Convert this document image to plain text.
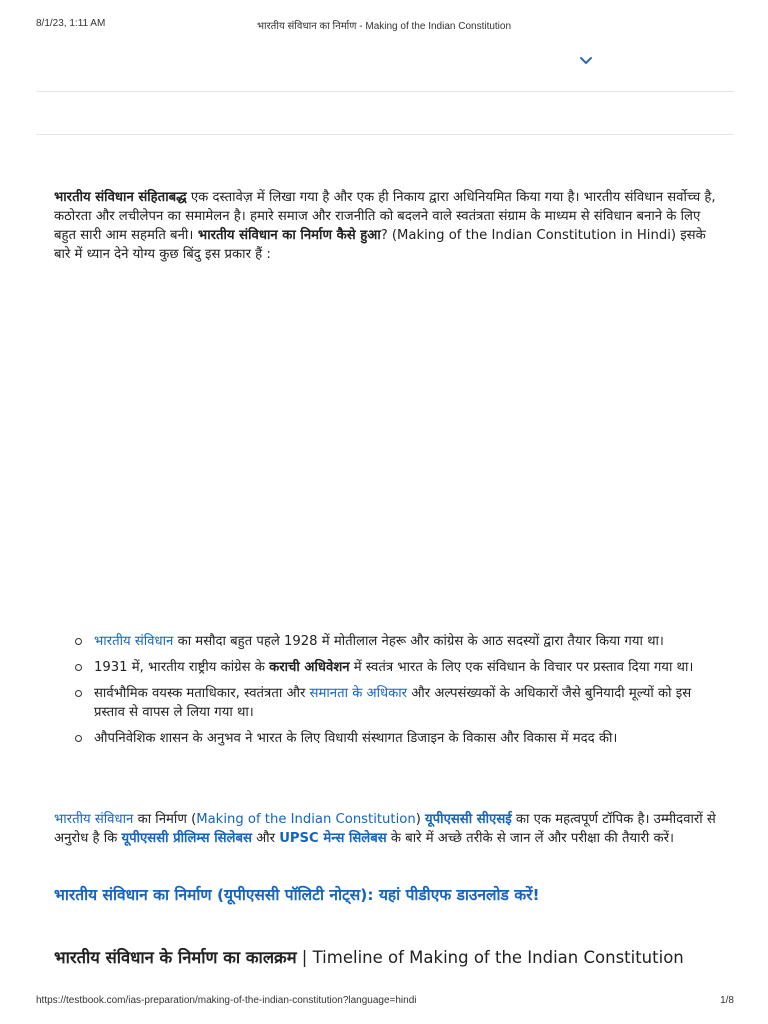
8/1/23, 1:11 AM	भारतीय संविधान का निर्माण - Making of the Indian Constitution
भारतीय संविधान संहिताबद्ध एक दस्तावेज़ में लिखा गया है और एक ही निकाय द्वारा अधिनियमित किया गया है। भारतीय संविधान सर्वोच्च है, कठोरता और लचीलेपन का समामेलन है। हमारे समाज और राजनीति को बदलने वाले स्वतंत्रता संग्राम के माध्यम से संविधान बनाने के लिए बहुत सारी आम सहमति बनी। भारतीय संविधान का निर्माण कैसे हुआ? (Making of the Indian Constitution in Hindi) इसके बारे में ध्यान देने योग्य कुछ बिंदु इस प्रकार हैं :
भारतीय संविधान का मसौदा बहुत पहले 1928 में मोतीलाल नेहरू और कांग्रेस के आठ सदस्यों द्वारा तैयार किया गया था।
1931 में, भारतीय राष्ट्रीय कांग्रेस के कराची अधिवेशन में स्वतंत्र भारत के लिए एक संविधान के विचार पर प्रस्ताव दिया गया था।
सार्वभौमिक वयस्क मताधिकार, स्वतंत्रता और समानता के अधिकार और अल्पसंख्यकों के अधिकारों जैसे बुनियादी मूल्यों को इस प्रस्ताव से वापस ले लिया गया था।
औपनिवेशिक शासन के अनुभव ने भारत के लिए विधायी संस्थागत डिजाइन के विकास और विकास में मदद की।
भारतीय संविधान का निर्माण (Making of the Indian Constitution) यूपीएससी सीएसई का एक महत्वपूर्ण टॉपिक है। उम्मीदवारों से अनुरोध है कि यूपीएससी प्रीलिम्स सिलेबस और UPSC मेन्स सिलेबस के बारे में अच्छे तरीके से जान लें और परीक्षा की तैयारी करें।
भारतीय संविधान का निर्माण (यूपीएससी पॉलिटी नोट्स): यहां पीडीएफ डाउनलोड करें!
भारतीय संविधान के निर्माण का कालक्रम | Timeline of Making of the Indian Constitution
https://testbook.com/ias-preparation/making-of-the-indian-constitution?language=hindi	1/8
